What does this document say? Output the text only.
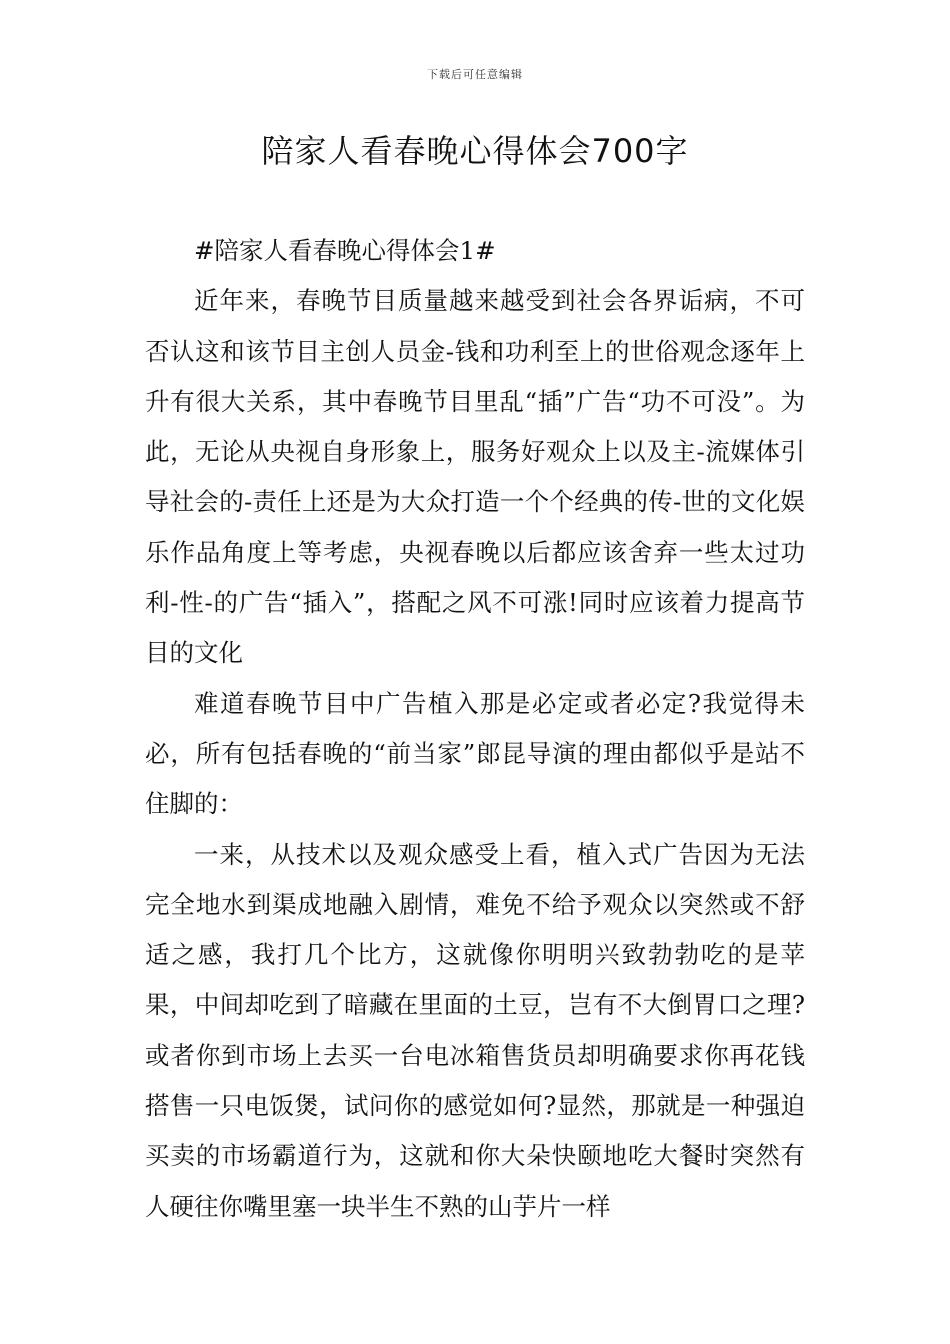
下载后可任意编辑
陪家人看春晚心得体会700字

#陪家人看春晚心得体会1#

近年来，春晚节目质量越来越受到社会各界诟病，不可否认这和该节目主创人员金-钱和功利至上的世俗观念逐年上升有很大关系，其中春晚节目里乱“插”广告“功不可没”。为此，无论从央视自身形象上，服务好观众上以及主-流媒体引导社会的-责任上还是为大众打造一个个经典的传-世的文化娱乐作品角度上等考虑，央视春晚以后都应该舍弃一些太过功利-性-的广告“插入”，搭配之风不可涨!同时应该着力提高节目的文化

难道春晚节目中广告植入那是必定或者必定?我觉得未必，所有包括春晚的“前当家”郎昆导演的理由都似乎是站不住脚的：

一来，从技术以及观众感受上看，植入式广告因为无法完全地水到渠成地融入剧情，难免不给予观众以突然或不舒适之感，我打几个比方，这就像你明明兴致勃勃吃的是苹果，中间却吃到了暗藏在里面的土豆，岂有不大倒胃口之理?或者你到市场上去买一台电冰箱售货员却明确要求你再花钱搭售一只电饭煲，试问你的感觉如何?显然，那就是一种强迫买卖的市场霸道行为，这就和你大朵快颐地吃大餐时突然有人硬往你嘴里塞一块半生不熟的山芋片一样
